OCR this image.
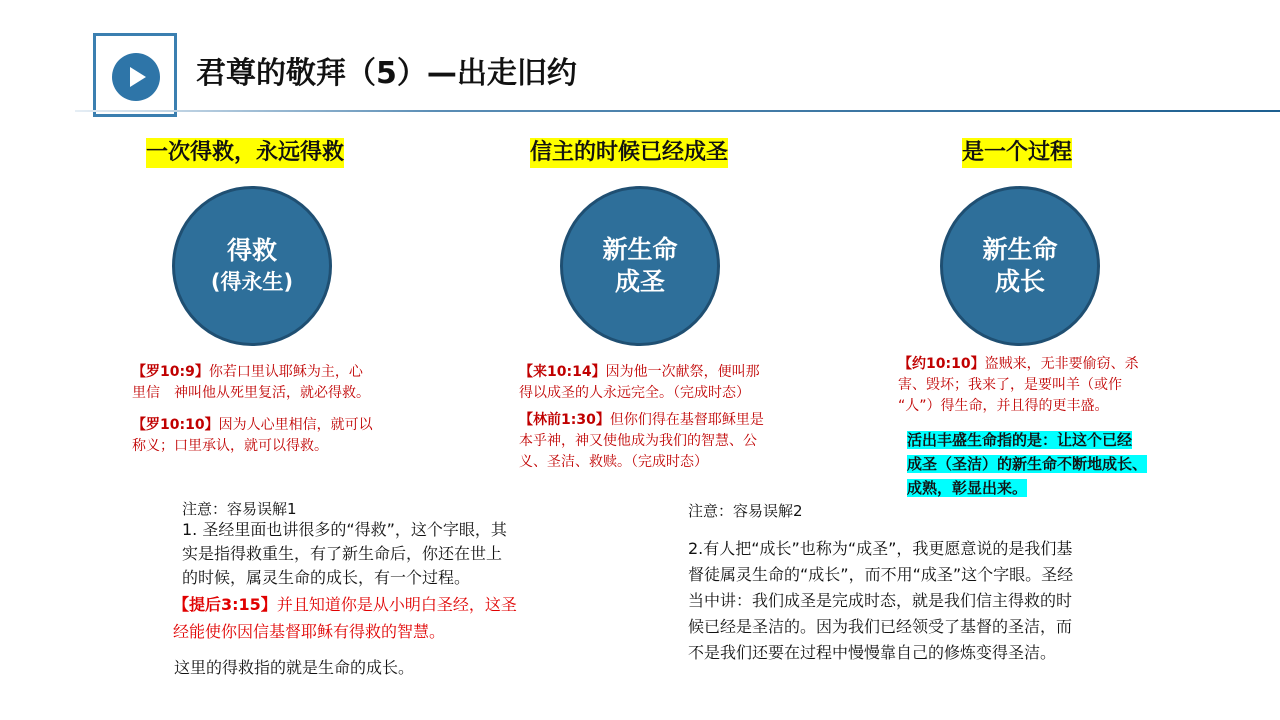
君尊的敬拜（5）—出走旧约
一次得救，永远得救
得救
(得永生)
【罗10:9】你若口里认耶稣为主，心
里信　神叫他从死里复活，就必得救。
【罗10:10】因为人心里相信，就可以
称义；口里承认，就可以得救。
信主的时候已经成圣
新生命
成圣
【来10:14】因为他一次献祭，便叫那
得以成圣的人永远完全。（完成时态）
【林前1:30】但你们得在基督耶稣里是
本乎神，神又使他成为我们的智慧、公
义、圣洁、救赎。（完成时态）
是一个过程
新生命
成长
【约10:10】盗贼来，无非要偷窃、杀
害、毁坏；我来了，是要叫羊（或作
“人”）得生命，并且得的更丰盛。
活出丰盛生命指的是：让这个已经
成圣（圣洁）的新生命不断地成长、
成熟，彰显出来。
注意：容易误解1
1. 圣经里面也讲很多的“得救”，这个字眼，其
实是指得救重生，有了新生命后，你还在世上
的时候，属灵生命的成长，有一个过程。
【提后3:15】并且知道你是从小明白圣经，这圣
经能使你因信基督耶稣有得救的智慧。
这里的得救指的就是生命的成长。
注意：容易误解2
2.有人把“成长”也称为“成圣”，我更愿意说的是我们基
督徒属灵生命的“成长”，而不用“成圣”这个字眼。圣经
当中讲：我们成圣是完成时态，就是我们信主得救的时
候已经是圣洁的。因为我们已经领受了基督的圣洁，而
不是我们还要在过程中慢慢靠自己的修炼变得圣洁。
